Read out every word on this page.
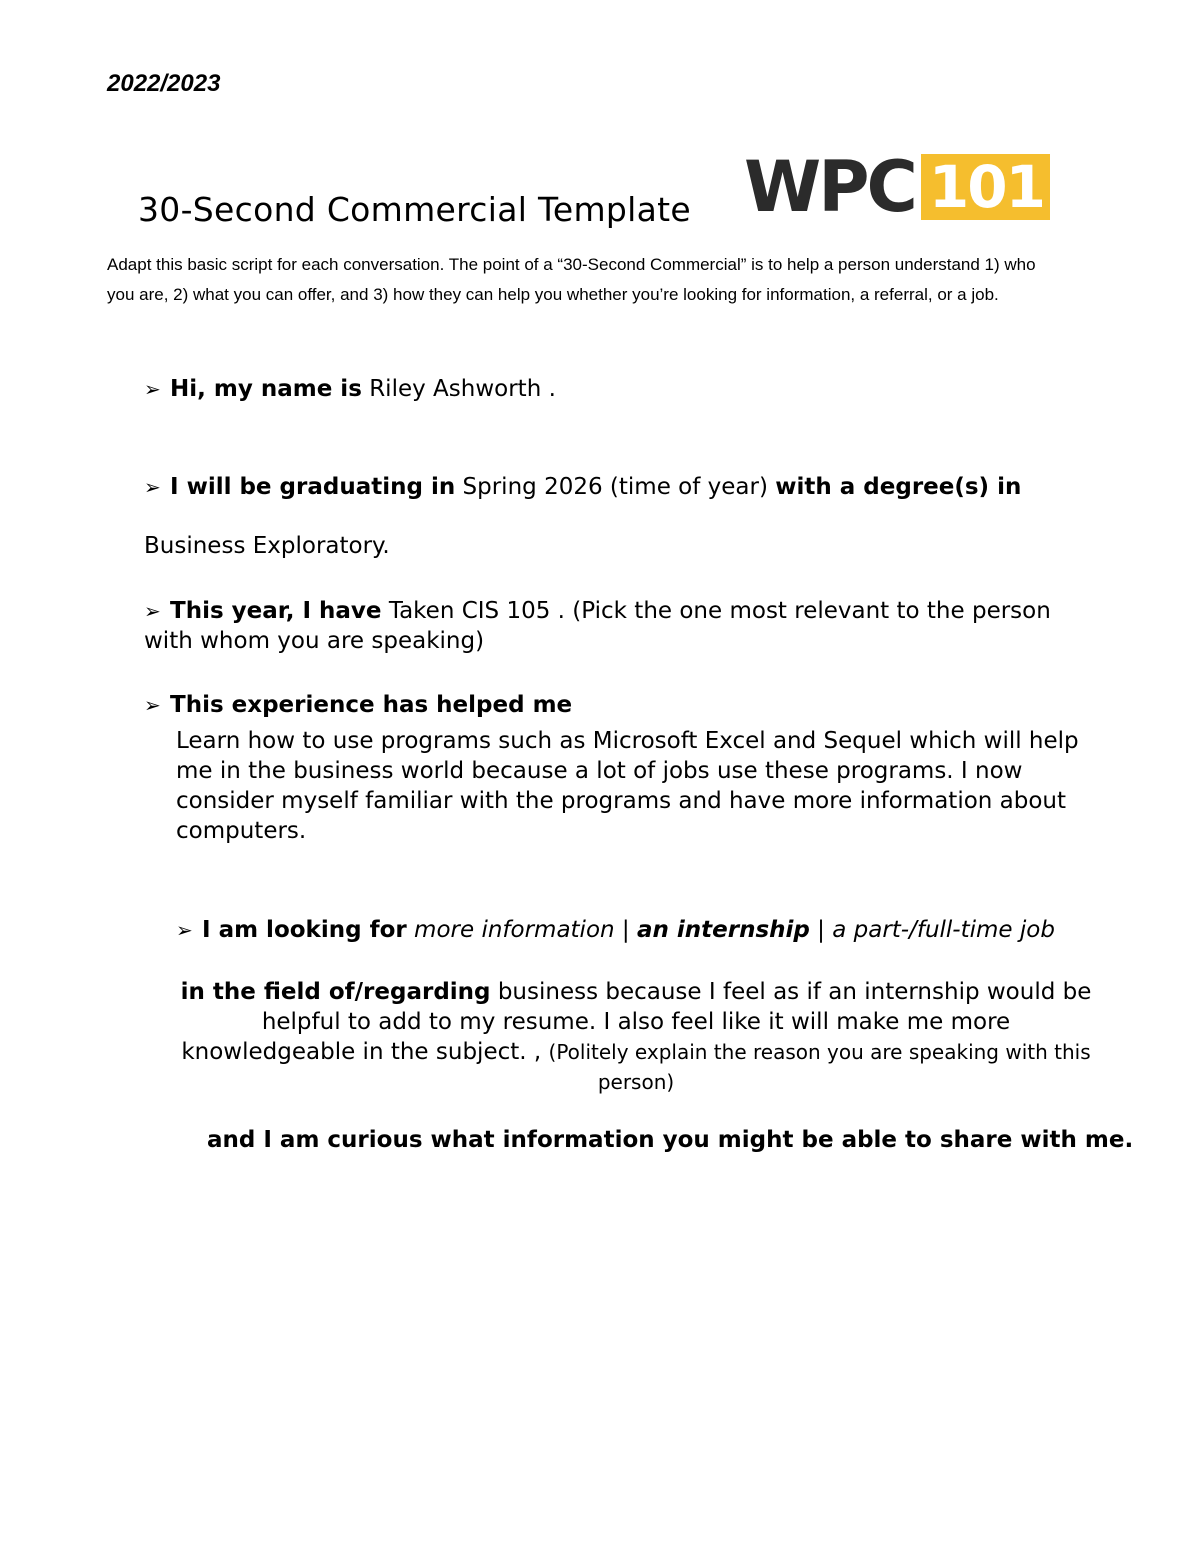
2022/2023
30-Second Commercial Template WPC 101
Adapt this basic script for each conversation. The point of a “30-Second Commercial” is to help a person understand 1) who you are, 2) what you can offer, and 3) how they can help you whether you’re looking for information, a referral, or a job.
➢ Hi, my name is Riley Ashworth .
➢ I will be graduating in Spring 2026 (time of year) with a degree(s) in
Business Exploratory.
➢ This year, I have Taken CIS 105 . (Pick the one most relevant to the person
with whom you are speaking)
➢ This experience has helped me
Learn how to use programs such as Microsoft Excel and Sequel which will help me in the business world because a lot of jobs use these programs. I now consider myself familiar with the programs and have more information about computers.
➢ I am looking for more information | an internship | a part-/full-time job
in the field of/regarding business because I feel as if an internship would be helpful to add to my resume. I also feel like it will make me more knowledgeable in the subject. , (Politely explain the reason you are speaking with this person)
and I am curious what information you might be able to share with me.
